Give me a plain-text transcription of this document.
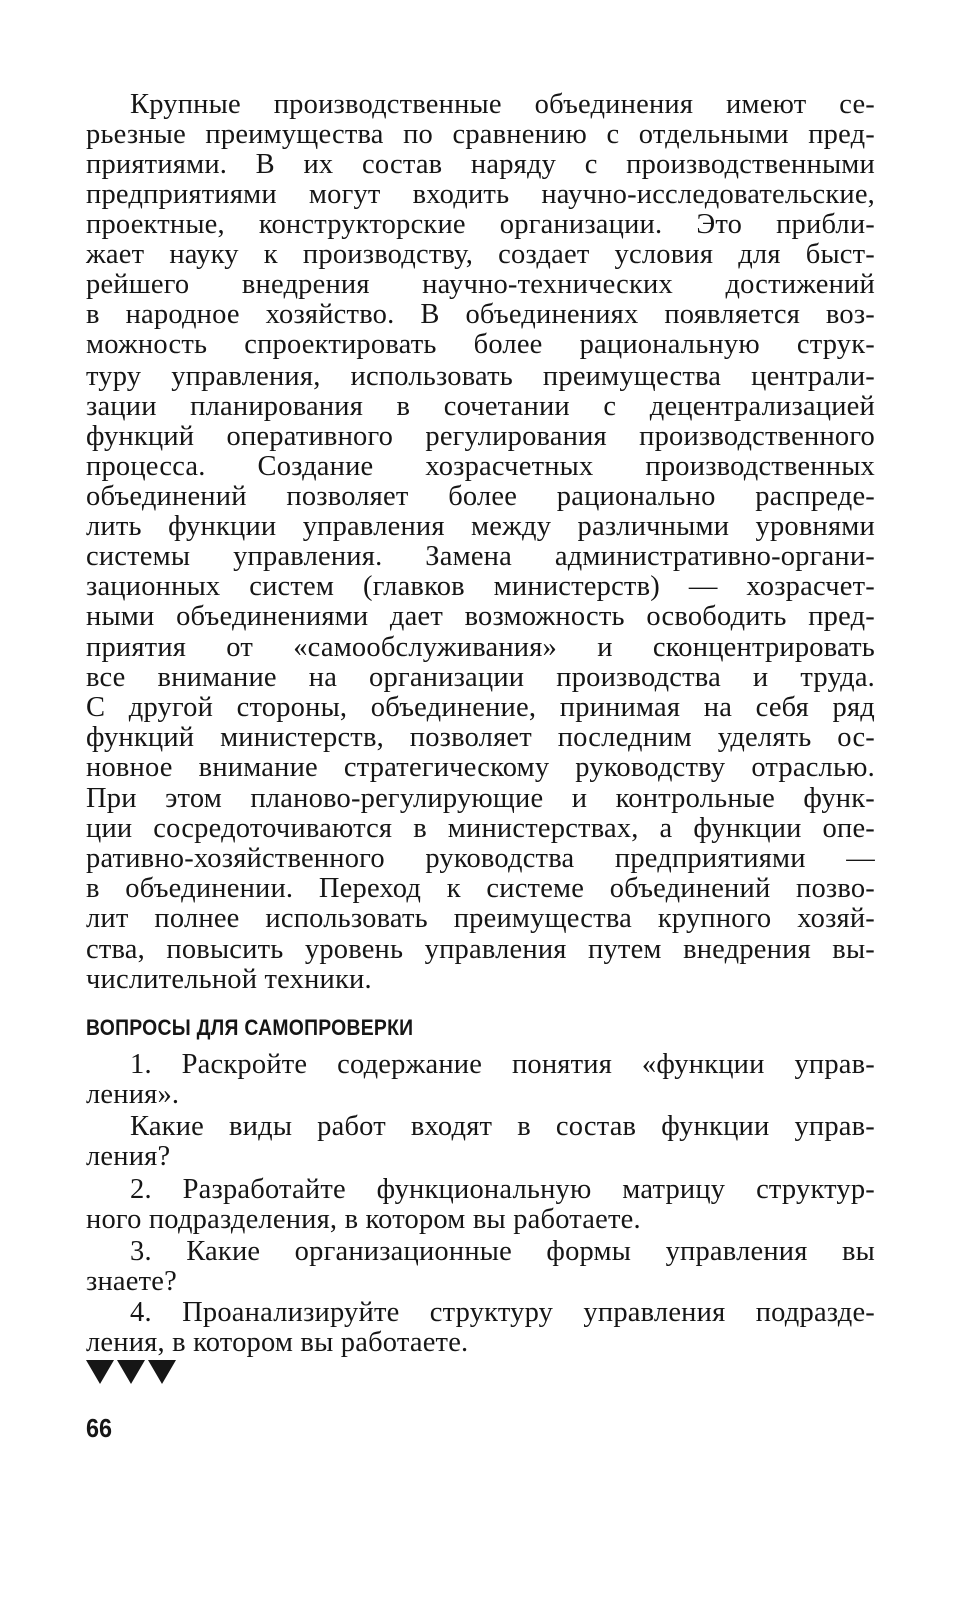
Крупные производственные объединения имеют се-
рьезные преимущества по сравнению с отдельными пред-
приятиями. В их состав наряду с производственными
предприятиями могут входить научно-исследовательские,
проектные, конструкторские организации. Это прибли-
жает науку к производству, создает условия для быст-
рейшего внедрения научно-технических достижений
в народное хозяйство. В объединениях появляется воз-
можность спроектировать более рациональную струк-
туру управления, использовать преимущества централи-
зации планирования в сочетании с децентрализацией
функций оперативного регулирования производственного
процесса. Создание хозрасчетных производственных
объединений позволяет более рационально распреде-
лить функции управления между различными уровнями
системы управления. Замена административно-органи-
зационных систем (главков министерств) — хозрасчет-
ными объединениями дает возможность освободить пред-
приятия от «самообслуживания» и сконцентрировать
все внимание на организации производства и труда.
С другой стороны, объединение, принимая на себя ряд
функций министерств, позволяет последним уделять ос-
новное внимание стратегическому руководству отраслью.
При этом планово-регулирующие и контрольные функ-
ции сосредоточиваются в министерствах, а функции опе-
ративно-хозяйственного руководства предприятиями —
в объединении. Переход к системе объединений позво-
лит полнее использовать преимущества крупного хозяй-
ства, повысить уровень управления путем внедрения вы-
числительной техники.
ВОПРОСЫ ДЛЯ САМОПРОВЕРКИ
1. Раскройте содержание понятия «функции управ-
ления».
Какие виды работ входят в состав функции управ-
ления?
2. Разработайте функциональную матрицу структур-
ного подразделения, в котором вы работаете.
3. Какие организационные формы управления вы
знаете?
4. Проанализируйте структуру управления подразде-
ления, в котором вы работаете.
66
